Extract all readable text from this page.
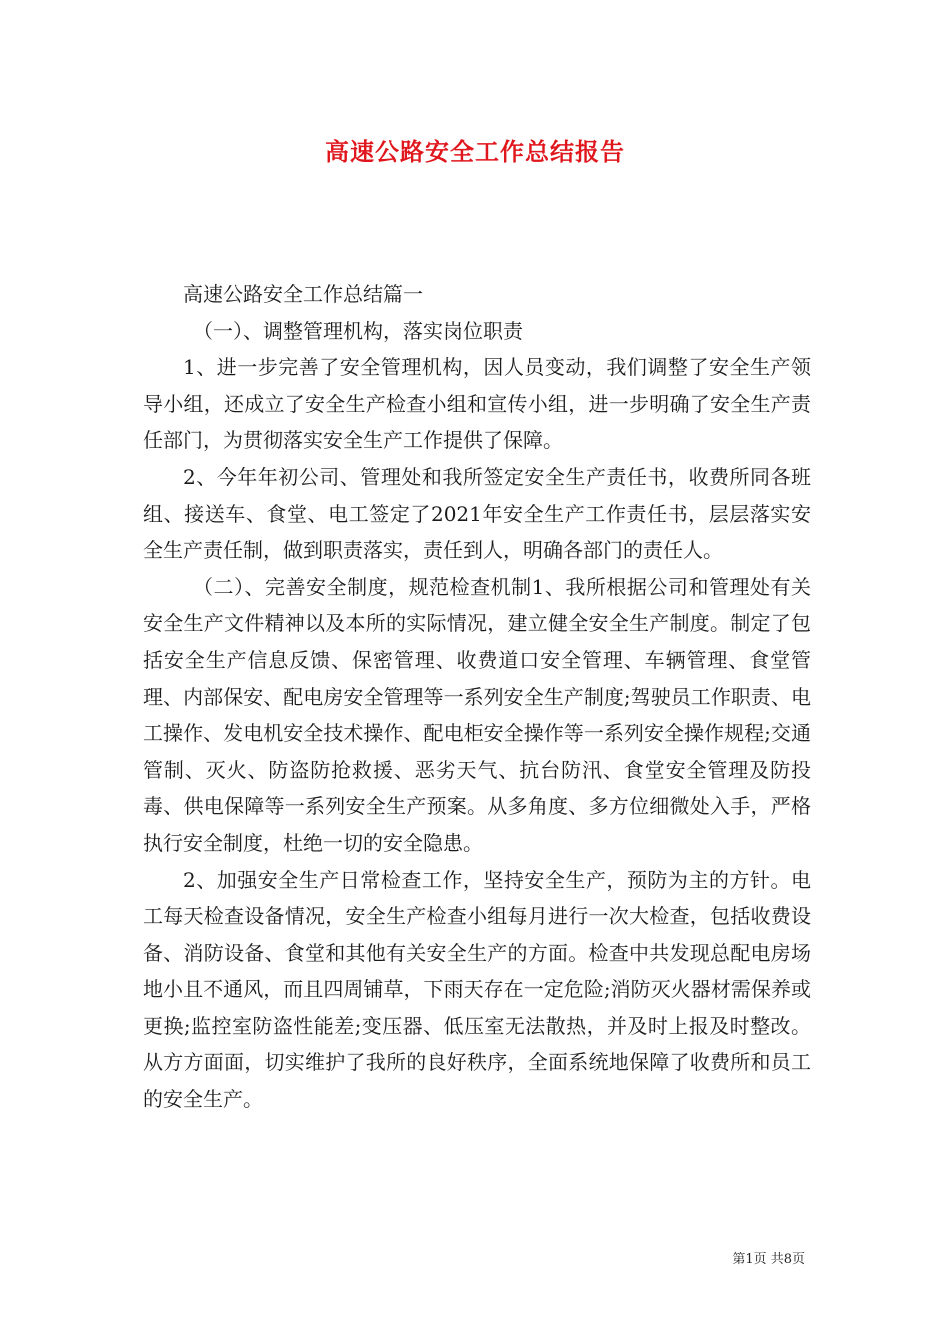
高速公路安全工作总结报告

高速公路安全工作总结篇一

（一）、调整管理机构，落实岗位职责

1、进一步完善了安全管理机构，因人员变动，我们调整了安全生产领导小组，还成立了安全生产检查小组和宣传小组，进一步明确了安全生产责任部门，为贯彻落实安全生产工作提供了保障。

2、今年年初公司、管理处和我所签定安全生产责任书，收费所同各班组、接送车、食堂、电工签定了2021年安全生产工作责任书，层层落实安全生产责任制，做到职责落实，责任到人，明确各部门的责任人。

（二）、完善安全制度，规范检查机制1、我所根据公司和管理处有关安全生产文件精神以及本所的实际情况，建立健全安全生产制度。制定了包括安全生产信息反馈、保密管理、收费道口安全管理、车辆管理、食堂管理、内部保安、配电房安全管理等一系列安全生产制度;驾驶员工作职责、电工操作、发电机安全技术操作、配电柜安全操作等一系列安全操作规程;交通管制、灭火、防盗防抢救援、恶劣天气、抗台防汛、食堂安全管理及防投毒、供电保障等一系列安全生产预案。从多角度、多方位细微处入手，严格执行安全制度，杜绝一切的安全隐患。

2、加强安全生产日常检查工作，坚持安全生产，预防为主的方针。电工每天检查设备情况，安全生产检查小组每月进行一次大检查，包括收费设备、消防设备、食堂和其他有关安全生产的方面。检查中共发现总配电房场地小且不通风，而且四周铺草，下雨天存在一定危险;消防灭火器材需保养或更换;监控室防盗性能差;变压器、低压室无法散热，并及时上报及时整改。从方方面面，切实维护了我所的良好秩序，全面系统地保障了收费所和员工的安全生产。

第1页 共8页
